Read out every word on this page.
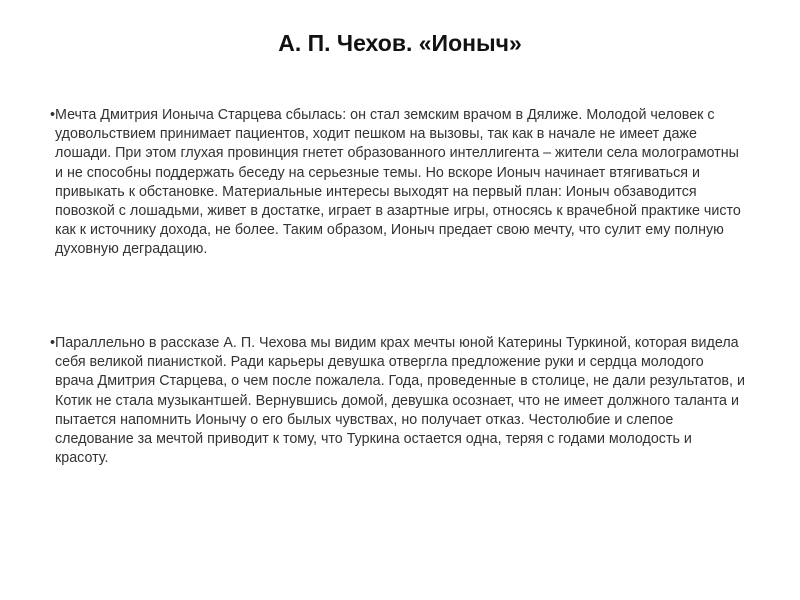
А. П. Чехов. «Ионыч»

• Мечта Дмитрия Ионыча Старцева сбылась: он стал земским врачом в Дялиже. Молодой человек с удовольствием принимает пациентов, ходит пешком на вызовы, так как в начале не имеет даже лошади. При этом глухая провинция гнетет образованного интеллигента – жители села мологрaмотны и не способны поддержать беседу на серьезные темы. Но вскоре Ионыч начинает втягиваться и привыкать к обстановке. Материальные интересы выходят на первый план: Ионыч обзаводится повозкой с лошадьми, живет в достатке, играет в азартные игры, относясь к врачебной практике чисто как к источнику дохода, не более. Таким образом, Ионыч предает свою мечту, что сулит ему полную духовную деградацию.

• Параллельно в рассказе А. П. Чехова мы видим крах мечты юной Катерины Туркиной, которая видела себя великой пианисткой. Ради карьеры девушка отвергла предложение руки и сердца молодого врача Дмитрия Старцева, о чем после пожалела. Года, проведенные в столице, не дали результатов, и Котик не стала музыкантшей. Вернувшись домой, девушка осознает, что не имеет должного таланта и пытается напомнить Ионычу о его былых чувствах, но получает отказ. Честолюбие и слепое следование за мечтой приводит к тому, что Туркина остается одна, теряя с годами молодость и красоту.
